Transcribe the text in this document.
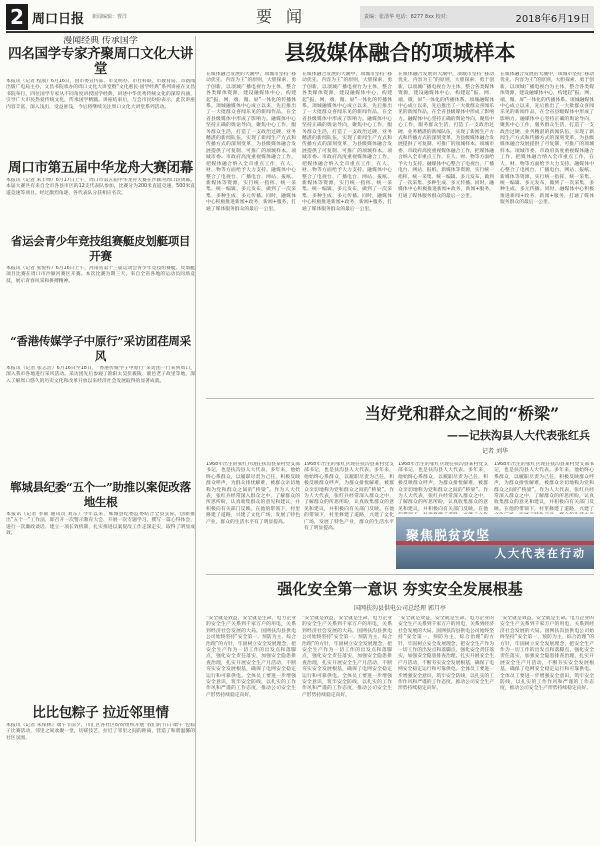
2 周口日报 新闻编辑：曹洋	要闻	责编：张清华 电话：8277 8xx 校对：	2018年6月19日
漫闻经典 传承国学
四名国学专家齐聚周口文化大讲堂
本报讯（记者 程淑）6月16日，由市委宣传部、市文明办、市社科联、市教育局、市新闻出版广电局主办，文昌书院承办的周口文化大讲堂暨“文化惠民·国学经典”系列讲座在文昌书院举行。四位国学专家从不同角度讲授国学经典，讲述中华优秀传统文化的深厚内涵，引导广大市民热爱传统文化，传承国学精髓。讲座结束后，与会市民纷纷表示，此次讲座内容丰富、深入浅出，受益匪浅，今后将继续关注周口文化大讲堂系列活动。
周口市第五届中华龙舟大赛闭幕
本报讯（记者 朱丰帅）6月17日上午，周口市第五届中华龙舟大赛在沙颍河周口段闭幕。本届大赛共有来自全市各县市区的12支代表队参加，比赛分为200米直道竞速、500米直道竞速等项目。经过激烈角逐，各代表队分获相应名次。
省运会青少年竞技组赛艇皮划艇项目开赛
本报讯（记者 张悦梓）6月16日上午，河南省第十三届运动会青少年竞技组赛艇、皮划艇项目比赛在周口市沙颍河赛区开赛。本次比赛为期三天，来自全省各地的运动员同场竞技，展示青春风采和拼搏精神。
“香港传媒学子中原行”采访团荏周采风
本报讯（记者 张志浩）6月16日至18日，“香港传媒学子中原行”采访团一行来到周口，深入我市各地进行采风活动。采访团先后参观了淮阳太昊伏羲陵、鹿邑老子故里等地，深入了解周口悠久的历史文化和改革开放以来经济社会发展取得的显著成就。
郸城县纪委“五个一”助推以案促改落地生根
本报讯（记者 李硕 通讯员 刘东）今年以来，郸城县纪委监委结合全县实际，创新推出“五个一”工作法，即召开一次警示教育大会、开展一次专题学习、撰写一篇心得体会、进行一次廉政谈话、建立一项长效机制，扎实推进以案促改工作走深走实，取得了明显成效。
比比包粽子 拉近邻里情
本报讯（记者 朱保林）端午节前夕，川汇区各社区纷纷组织开展“我们的节日·端午”包粽子比赛活动，邻里之间欢聚一堂，切磋技艺，拉近了邻里之间的距离，营造了和谐温馨的社区氛围。
县级媒体融合的项城样本
在媒体融合发展的大潮中，项城市坚持“移动优先、内容为王”的原则，大胆探索、勇于创新，以项城广播电视台为主体，整合各类媒体资源，建设融媒体中心，构建起“报、网、端、微、屏”一体化的传播体系。项城融媒体中心成立以来，先后推出了一大批群众喜闻乐见的新闻作品，在全省县级媒体中形成了影响力。融媒体中心坚持正确的舆论导向，聚焦中心工作，服务群众生活，打造了一支政治过硬、业务精湛的新闻队伍，实现了新闻生产方式和传播方式的深刻变革，为县级媒体融合发展提供了可复制、可推广的项城样本。项城市委、市政府高度重视媒体融合工作，把媒体融合纳入全市重点工作，在人、财、物等方面给予大力支持。融媒体中心整合了电视台、广播电台、网站、报纸、新媒体等资源，实行统一指挥、统一采集、统一编辑、多元发布，做到了一次采集、多种生成、多元传播。同时，融媒体中心积极推进新闻+政务、新闻+服务，打通了媒体服务群众的最后一公里。
在媒体融合发展的大潮中，项城市坚持“移动优先、内容为王”的原则，大胆探索、勇于创新，以项城广播电视台为主体，整合各类媒体资源，建设融媒体中心，构建起“报、网、端、微、屏”一体化的传播体系。项城融媒体中心成立以来，先后推出了一大批群众喜闻乐见的新闻作品，在全省县级媒体中形成了影响力。融媒体中心坚持正确的舆论导向，聚焦中心工作，服务群众生活，打造了一支政治过硬、业务精湛的新闻队伍，实现了新闻生产方式和传播方式的深刻变革，为县级媒体融合发展提供了可复制、可推广的项城样本。项城市委、市政府高度重视媒体融合工作，把媒体融合纳入全市重点工作，在人、财、物等方面给予大力支持。融媒体中心整合了电视台、广播电台、网站、报纸、新媒体等资源，实行统一指挥、统一采集、统一编辑、多元发布，做到了一次采集、多种生成、多元传播。同时，融媒体中心积极推进新闻+政务、新闻+服务，打通了媒体服务群众的最后一公里。
在媒体融合发展的大潮中，项城市坚持“移动优先、内容为王”的原则，大胆探索、勇于创新，以项城广播电视台为主体，整合各类媒体资源，建设融媒体中心，构建起“报、网、端、微、屏”一体化的传播体系。项城融媒体中心成立以来，先后推出了一大批群众喜闻乐见的新闻作品，在全省县级媒体中形成了影响力。融媒体中心坚持正确的舆论导向，聚焦中心工作，服务群众生活，打造了一支政治过硬、业务精湛的新闻队伍，实现了新闻生产方式和传播方式的深刻变革，为县级媒体融合发展提供了可复制、可推广的项城样本。项城市委、市政府高度重视媒体融合工作，把媒体融合纳入全市重点工作，在人、财、物等方面给予大力支持。融媒体中心整合了电视台、广播电台、网站、报纸、新媒体等资源，实行统一指挥、统一采集、统一编辑、多元发布，做到了一次采集、多种生成、多元传播。同时，融媒体中心积极推进新闻+政务、新闻+服务，打通了媒体服务群众的最后一公里。
在媒体融合发展的大潮中，项城市坚持“移动优先、内容为王”的原则，大胆探索、勇于创新，以项城广播电视台为主体，整合各类媒体资源，建设融媒体中心，构建起“报、网、端、微、屏”一体化的传播体系。项城融媒体中心成立以来，先后推出了一大批群众喜闻乐见的新闻作品，在全省县级媒体中形成了影响力。融媒体中心坚持正确的舆论导向，聚焦中心工作，服务群众生活，打造了一支政治过硬、业务精湛的新闻队伍，实现了新闻生产方式和传播方式的深刻变革，为县级媒体融合发展提供了可复制、可推广的项城样本。项城市委、市政府高度重视媒体融合工作，把媒体融合纳入全市重点工作，在人、财、物等方面给予大力支持。融媒体中心整合了电视台、广播电台、网站、报纸、新媒体等资源，实行统一指挥、统一采集、统一编辑、多元发布，做到了一次采集、多种生成、多元传播。同时，融媒体中心积极推进新闻+政务、新闻+服务，打通了媒体服务群众的最后一公里。
当好党和群众之间的“桥梁”
——记扶沟县人大代表张红兵
记者 刘华
1968年出生的张红兵现任扶沟县某村党支部书记，也是扶沟县人大代表。多年来，他始终心系群众，以履职尽责为己任，积极反映群众呼声，为群众排忧解难，被群众亲切地称为党和群众之间的“桥梁”。作为人大代表，张红兵经常深入群众之中，了解群众的所思所盼，认真收集群众的意见和建议，并积极向有关部门反映。在他的带领下，村里修建了道路，兴建了文化广场，发展了特色产业，群众的生活水平有了明显提高。
1968年出生的张红兵现任扶沟县某村党支部书记，也是扶沟县人大代表。多年来，他始终心系群众，以履职尽责为己任，积极反映群众呼声，为群众排忧解难，被群众亲切地称为党和群众之间的“桥梁”。作为人大代表，张红兵经常深入群众之中，了解群众的所思所盼，认真收集群众的意见和建议，并积极向有关部门反映。在他的带领下，村里修建了道路，兴建了文化广场，发展了特色产业，群众的生活水平有了明显提高。
1968年出生的张红兵现任扶沟县某村党支部书记，也是扶沟县人大代表。多年来，他始终心系群众，以履职尽责为己任，积极反映群众呼声，为群众排忧解难，被群众亲切地称为党和群众之间的“桥梁”。作为人大代表，张红兵经常深入群众之中，了解群众的所思所盼，认真收集群众的意见和建议，并积极向有关部门反映。在他
1968年出生的张红兵现任扶沟县某村党支部书记，也是扶沟县人大代表。多年来，他始终心系群众，以履职尽责为己任，积极反映群众呼声，为群众排忧解难，被群众亲切地称为党和群众之间的“桥梁”。作为人大代表，张红兵经常深入群众之中，了解群众的所思所盼，认真收集群众的意见和建议，并积极向有关部门反映。在他的带领下，村里修建了道路，兴建了
聚焦脱贫攻坚
人大代表在行动
强化安全第一意识 夯实安全发展根基
国网扶沟县供电公司总经理 郭月亭
“安全就是效益，安全就是生命。”电力企业的安全生产关系到千家万户的用电，关系到经济社会发展的大局。国网扶沟县供电公司始终坚持“安全第一、预防为主、综合治理”的方针，牢固树立安全发展理念，把安全生产作为一切工作的出发点和落脚点，强化安全责任落实，加强安全隐患排查治理，扎实开展安全生产月活动，不断夯实安全发展根基，确保了电网安全稳定运行和可靠供电。全体员工要进一步增强安全意识，筑牢安全防线，以扎实的工作作风和严谨的工作态度，推动公司安全生产形势持续稳定向好。
“安全就是效益，安全就是生命。”电力企业的安全生产关系到千家万户的用电，关系到经济社会发展的大局。国网扶沟县供电公司始终坚持“安全第一、预防为主、综合治理”的方针，牢固树立安全发展理念，把安全生产作为一切工作的出发点和落脚点，强化安全责任落实，加强安全隐患排查治理，扎实开展安全生产月活动，不断夯实安全发展根基，确保了电网安全稳定运行和可靠供电。全体员工要进一步增强安全意识，筑牢安全防线，以扎实的工作作风和严谨的工作态度，推动公司安全生产形势持续稳定向好。
“安全就是效益，安全就是生命。”电力企业的安全生产关系到千家万户的用电，关系到经济社会发展的大局。国网扶沟县供电公司始终坚持“安全第一、预防为主、综合治理”的方针，牢固树立安全发展理念，把安全生产作为一切工作的出发点和落脚点，强化安全责任落实，加强安全隐患排查治理，扎实开展安全生产月活动，不断夯实安全发展根基，确保了电网安全稳定运行和可靠供电。全体员工要进一步增强安全意识，筑牢安全防线，以扎实的工作作风和严谨的工作态度，推动公司安全生产形势持续稳定向好。
“安全就是效益，安全就是生命。”电力企业的安全生产关系到千家万户的用电，关系到经济社会发展的大局。国网扶沟县供电公司始终坚持“安全第一、预防为主、综合治理”的方针，牢固树立安全发展理念，把安全生产作为一切工作的出发点和落脚点，强化安全责任落实，加强安全隐患排查治理，扎实开展安全生产月活动，不断夯实安全发展根基，确保了电网安全稳定运行和可靠供电。全体员工要进一步增强安全意识，筑牢安全防线，以扎实的工作作风和严谨的工作态度，推动公司安全生产形势持续稳定向好。
